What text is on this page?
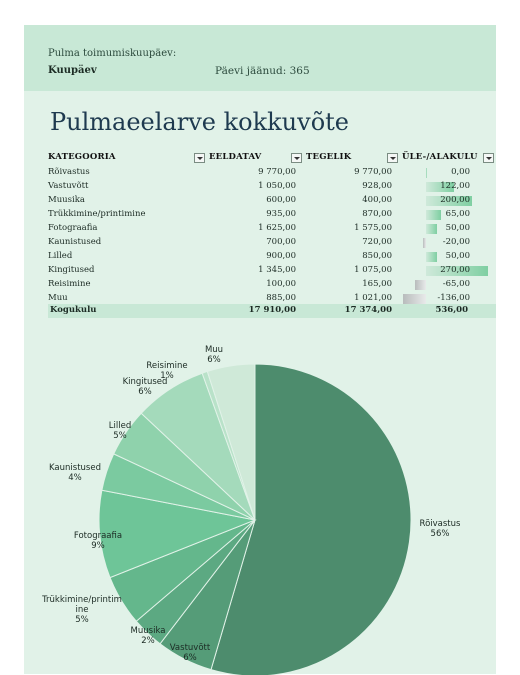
Pulma toimumiskuupäev:
Kuupäev	Päevi jäänud: 365
Pulmaeelarve kokkuvõte
KATEGOORIA	EELDATAV	TEGELIK	ÜLE-/ALAKULU
Rõivastus	9 770,00	9 770,00	0,00
Vastuvõtt	1 050,00	928,00	122,00
Muusika	600,00	400,00	200,00
Trükkimine/printimine	935,00	870,00	65,00
Fotograafia	1 625,00	1 575,00	50,00
Kaunistused	700,00	720,00	-20,00
Lilled	900,00	850,00	50,00
Kingitused	1 345,00	1 075,00	270,00
Reisimine	100,00	165,00	-65,00
Muu	885,00	1 021,00	-136,00
Kogukulu	17 910,00	17 374,00	536,00
Rõivastus 56%
Vastuvõtt 6%
Muusika 2%
Trükkimine/printim ine 5%
Fotograafia 9%
Kaunistused 4%
Lilled 5%
Kingitused 6%
Reisimine 1%
Muu 6%
